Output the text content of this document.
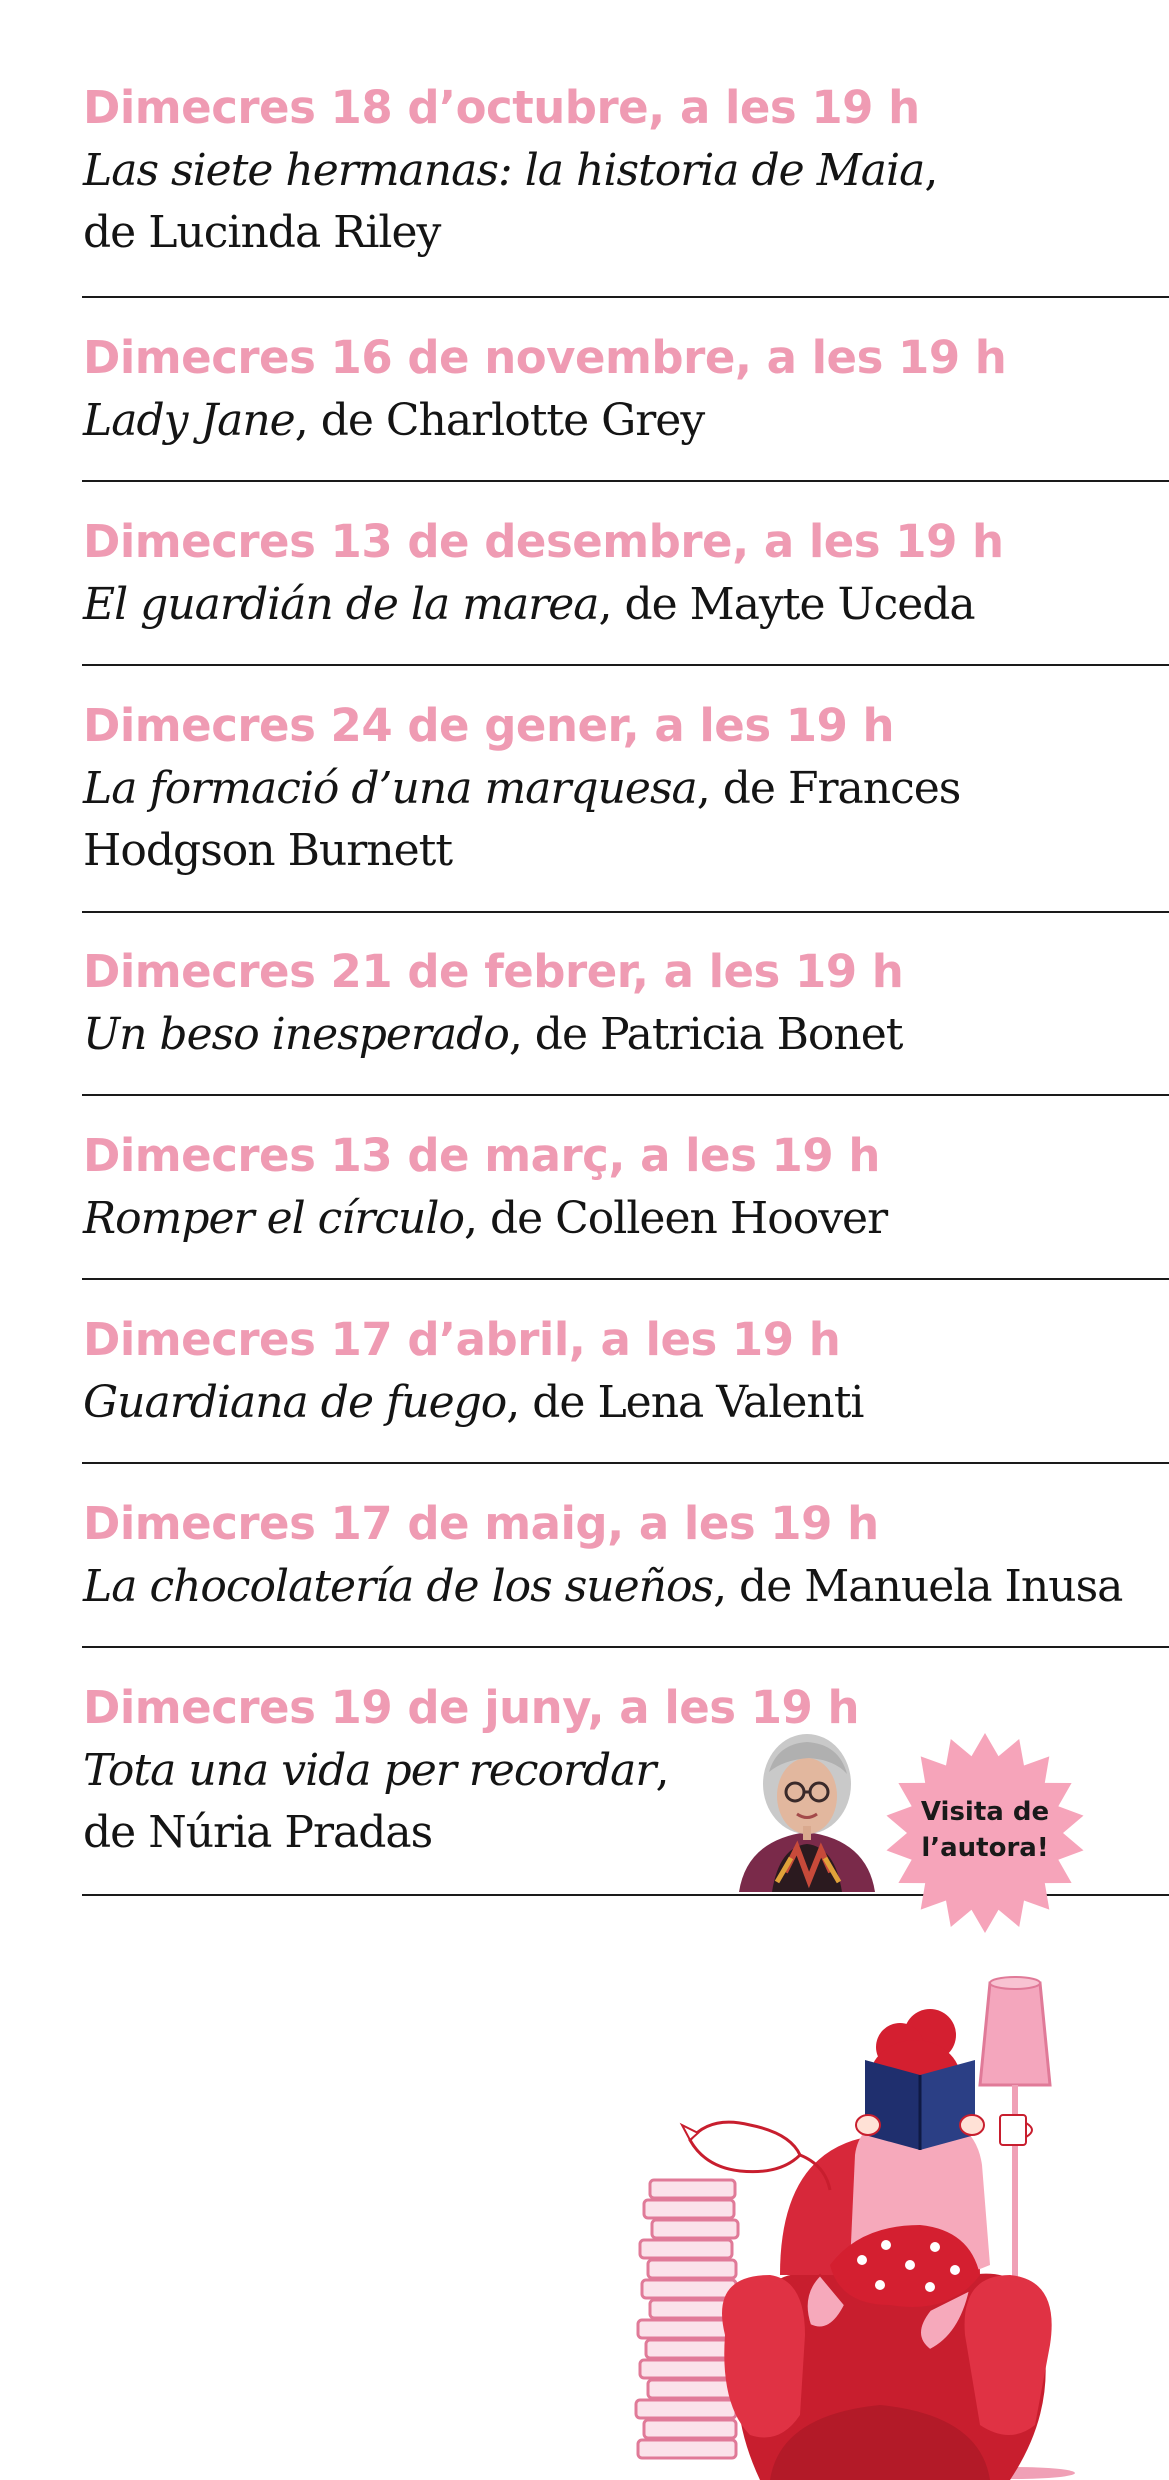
Dimecres 18 d’octubre, a les 19 h
Las siete hermanas: la historia de Maia,
de Lucinda Riley
Dimecres 16 de novembre, a les 19 h
Lady Jane, de Charlotte Grey
Dimecres 13 de desembre, a les 19 h
El guardián de la marea, de Mayte Uceda
Dimecres 24 de gener, a les 19 h
La formació d’una marquesa, de Frances
Hodgson Burnett
Dimecres 21 de febrer, a les 19 h
Un beso inesperado, de Patricia Bonet
Dimecres 13 de març, a les 19 h
Romper el círculo, de Colleen Hoover
Dimecres 17 d’abril, a les 19 h
Guardiana de fuego, de Lena Valenti
Dimecres 17 de maig, a les 19 h
La chocolatería de los sueños, de Manuela Inusa
Dimecres 19 de juny, a les 19 h
Tota una vida per recordar,
de Núria Pradas	Visita de
l’autora!
